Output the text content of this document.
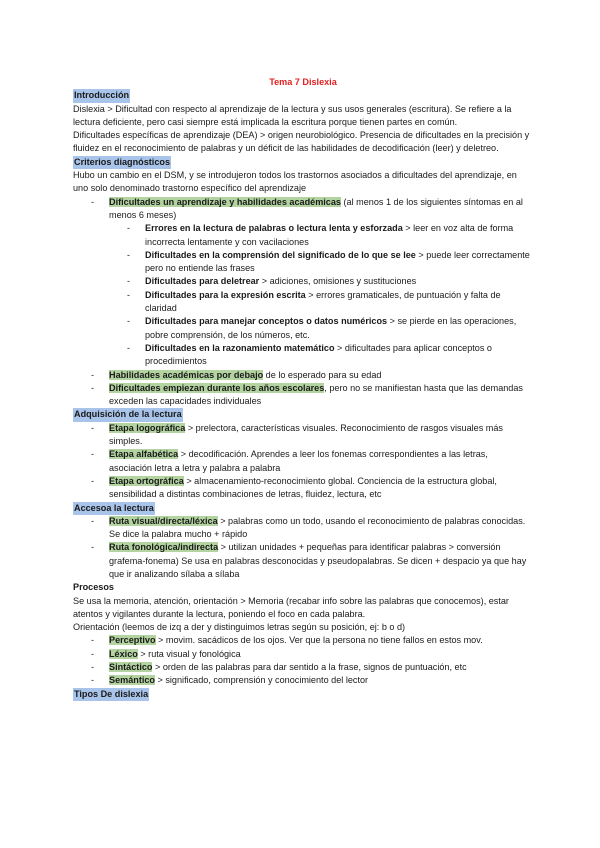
Tema 7 Dislexia

Introducción

Dislexia > Dificultad con respecto al aprendizaje de la lectura y sus usos generales (escritura). Se refiere a la lectura deficiente, pero casi siempre está implicada la escritura porque tienen partes en común.

Dificultades específicas de aprendizaje (DEA) > origen neurobiológico. Presencia de dificultades en la precisión y fluidez en el reconocimiento de palabras y un déficit de las habilidades de decodificación (leer) y deletreo.

Criterios diagnósticos

Hubo un cambio en el DSM, y se introdujeron todos los trastornos asociados a dificultades del aprendizaje, en uno solo denominado trastorno específico del aprendizaje

- Dificultades un aprendizaje y habilidades académicas (al menos 1 de los siguientes síntomas en al menos 6 meses)
- Errores en la lectura de palabras o lectura lenta y esforzada > leer en voz alta de forma incorrecta lentamente y con vacilaciones
- Dificultades en la comprensión del significado de lo que se lee > puede leer correctamente pero no entiende las frases
- Dificultades para deletrear > adiciones, omisiones y sustituciones
- Dificultades para la expresión escrita > errores gramaticales, de puntuación y falta de claridad
- Dificultades para manejar conceptos o datos numéricos > se pierde en las operaciones, pobre comprensión, de los números, etc.
- Dificultades en la razonamiento matemático > dificultades para aplicar conceptos o procedimientos
- Habilidades académicas por debajo de lo esperado para su edad
- Dificultades empiezan durante los años escolares, pero no se manifiestan hasta que las demandas exceden las capacidades individuales
Adquisición de la lectura
- Etapa logográfica > prelectora, características visuales. Reconocimiento de rasgos visuales más simples.
- Etapa alfabética > decodificación. Aprendes a leer los fonemas correspondientes a las letras, asociación letra a letra y palabra a palabra
- Etapa ortográfica > almacenamiento-reconocimiento global. Conciencia de la estructura global, sensibilidad a distintas combinaciones de letras, fluidez, lectura, etc
Accesoa la lectura
- Ruta visual/directa/léxica > palabras como un todo, usando el reconocimiento de palabras conocidas. Se dice la palabra mucho + rápido
- Ruta fonológica/indirecta > utilizan unidades + pequeñas para identificar palabras > conversión grafema-fonema) Se usa en palabras desconocidas y pseudopalabras. Se dicen + despacio ya que hay que ir analizando sílaba a sílaba
Procesos

Se usa la memoria, atención, orientación > Memoria (recabar info sobre las palabras que conocemos), estar atentos y vigilantes durante la lectura, poniendo el foco en cada palabra.

Orientación (leemos de izq a der y distinguimos letras según su posición, ej: b o d)

- Perceptivo > movim. sacádicos de los ojos. Ver que la persona no tiene fallos en estos mov.
- Léxico > ruta visual y fonológica
- Sintáctico > orden de las palabras para dar sentido a la frase, signos de puntuación, etc
- Semántico > significado, comprensión y conocimiento del lector
Tipos De dislexia
